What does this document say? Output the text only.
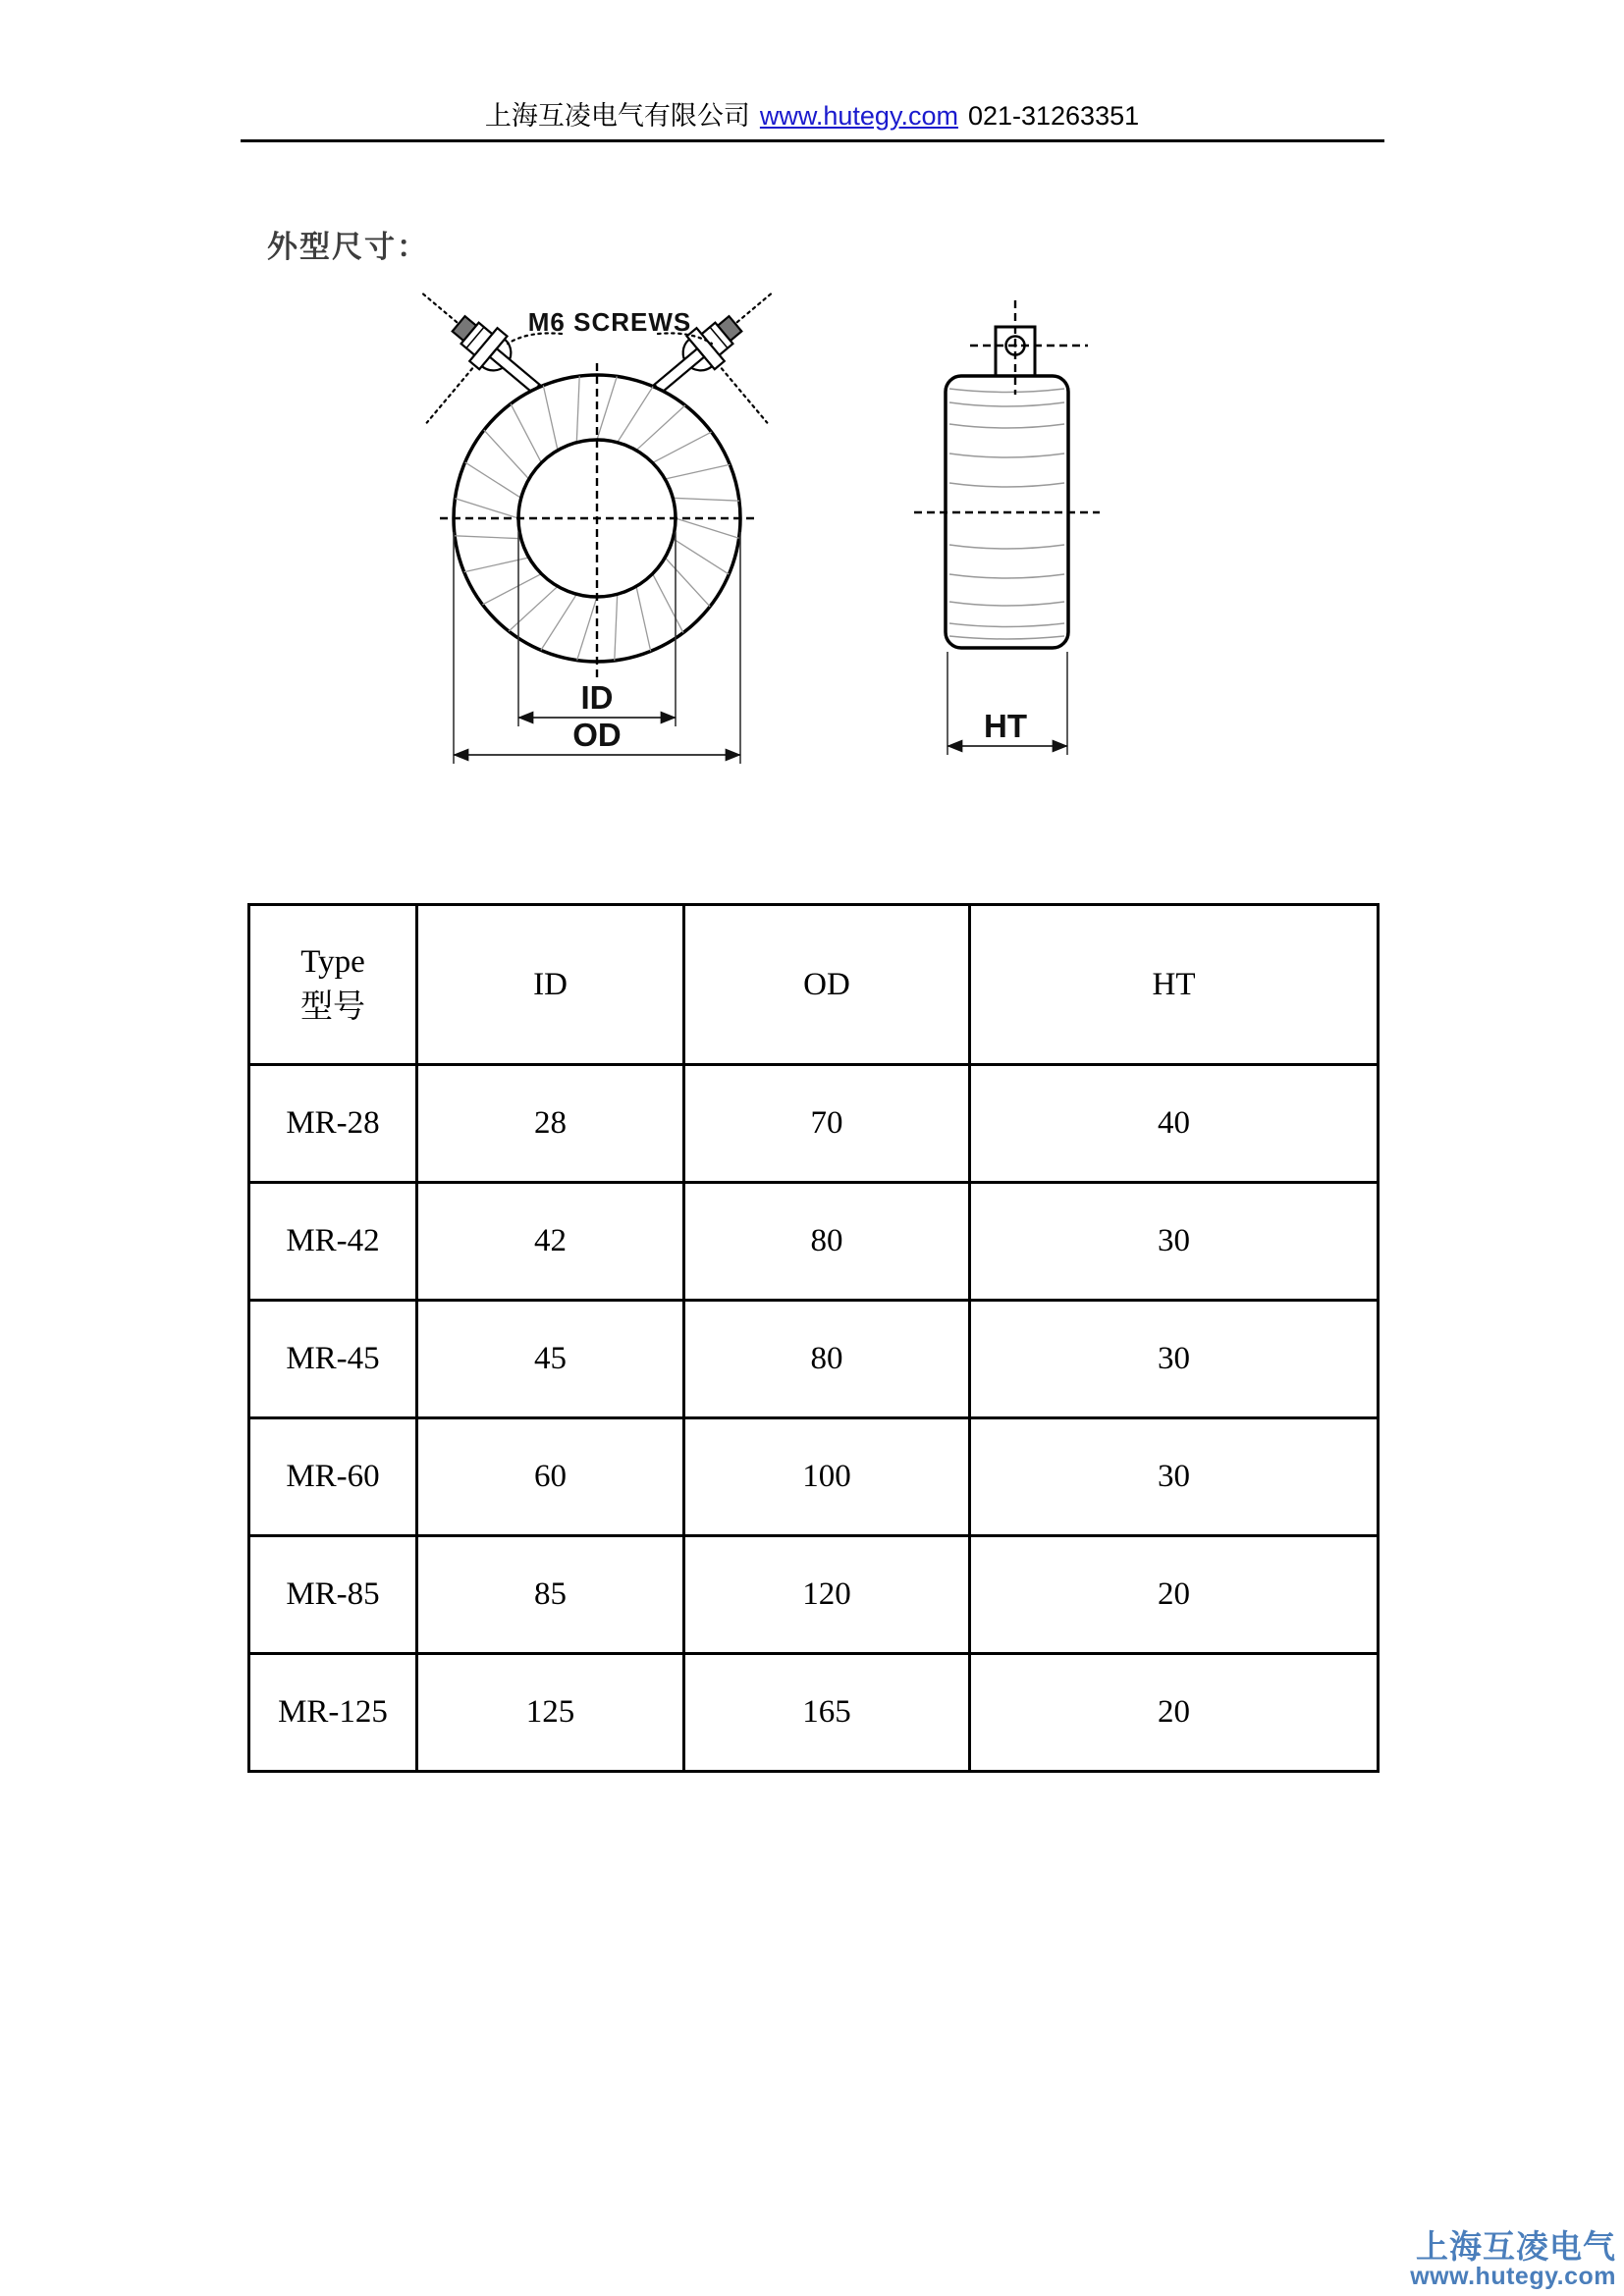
上海互凌电气有限公司 www.hutegy.com 021-31263351
外型尺寸：
M6 SCREWS
ID
OD	HT
Type
型号	ID	OD	HT
MR-28	28	70	40
MR-42	42	80	30
MR-45	45	80	30
MR-60	60	100	30
MR-85	85	120	20
MR-125	125	165	20
上海互凌电气
www.hutegy.com
